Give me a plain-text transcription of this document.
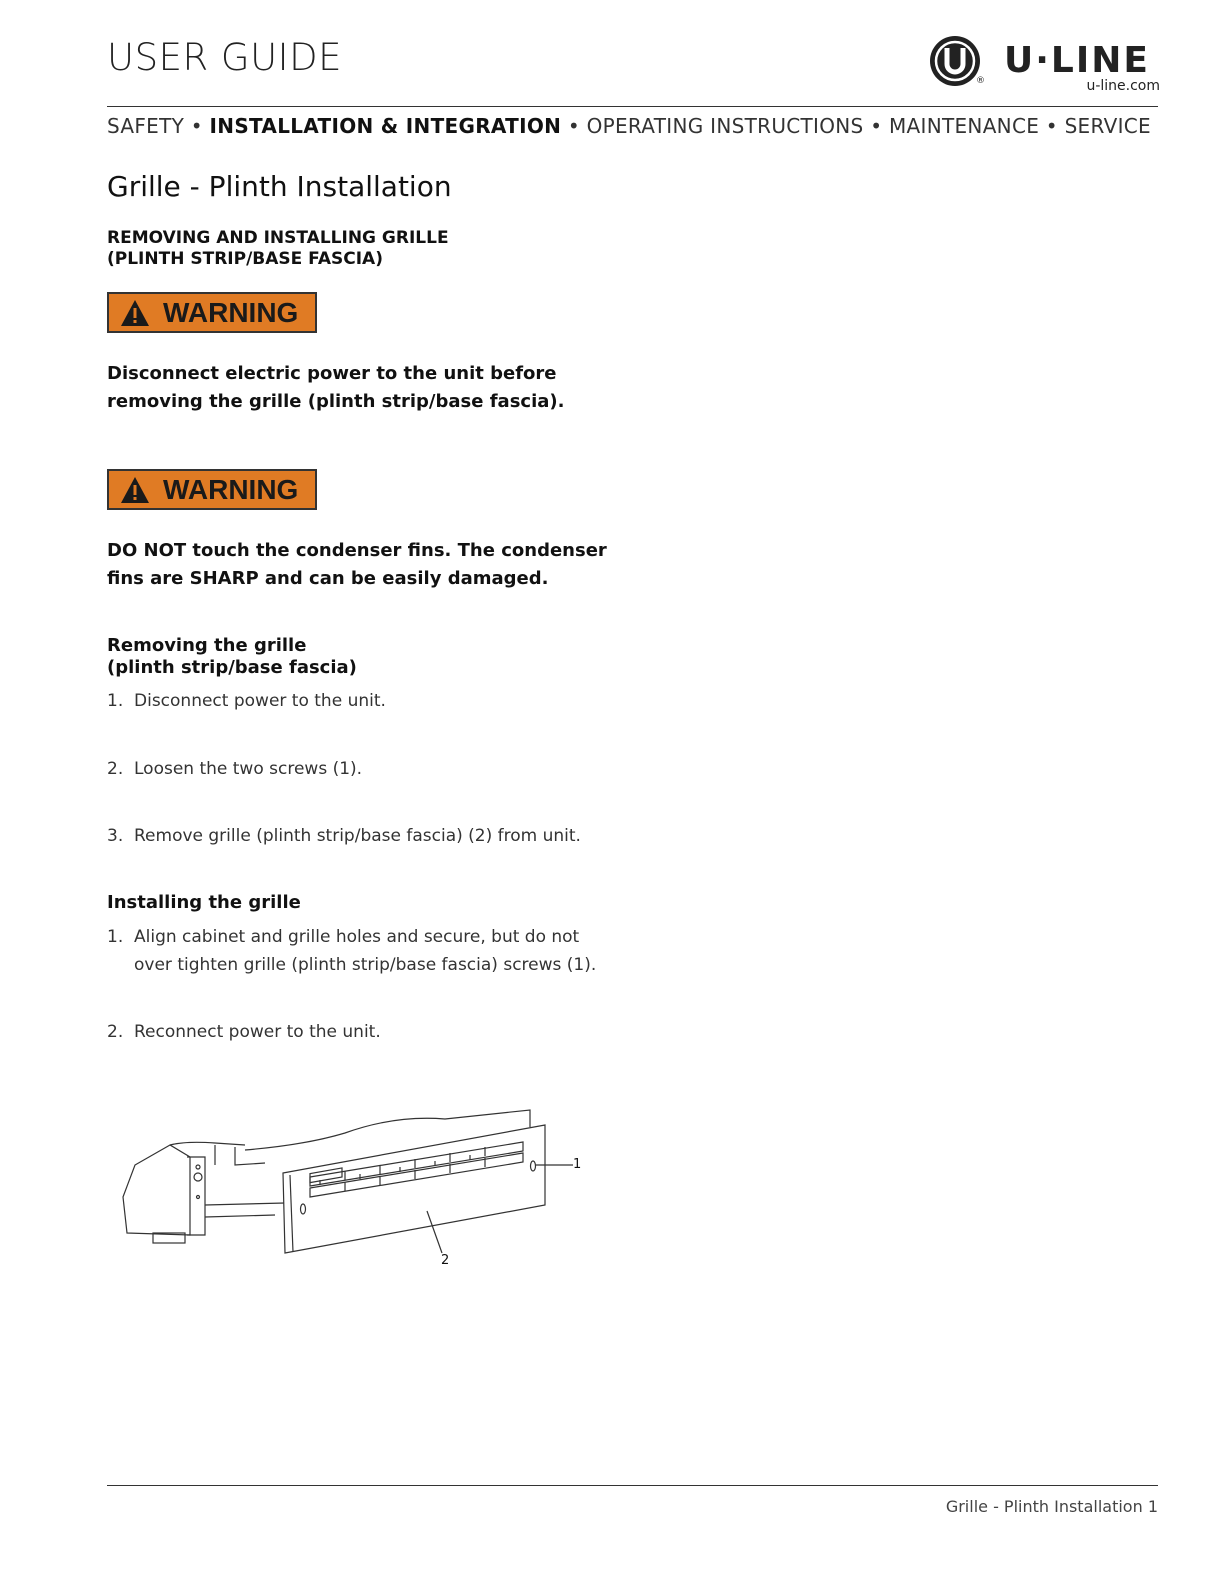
USER GUIDE
® U·LINE
u-line.com
SAFETY • INSTALLATION & INTEGRATION • OPERATING INSTRUCTIONS • MAINTENANCE • SERVICE
Grille - Plinth Installation
REMOVING AND INSTALLING GRILLE
(PLINTH STRIP/BASE FASCIA)
WARNING
Disconnect electric power to the unit before
removing the grille (plinth strip/base fascia).
WARNING
DO NOT touch the condenser fins. The condenser
fins are SHARP and can be easily damaged.
Removing the grille
(plinth strip/base fascia)
1. Disconnect power to the unit.
2. Loosen the two screws (1).
3. Remove grille (plinth strip/base fascia) (2) from unit.
Installing the grille
1. Align cabinet and grille holes and secure, but do not
over tighten grille (plinth strip/base fascia) screws (1).
2. Reconnect power to the unit.
1
2
Grille - Plinth Installation 1
